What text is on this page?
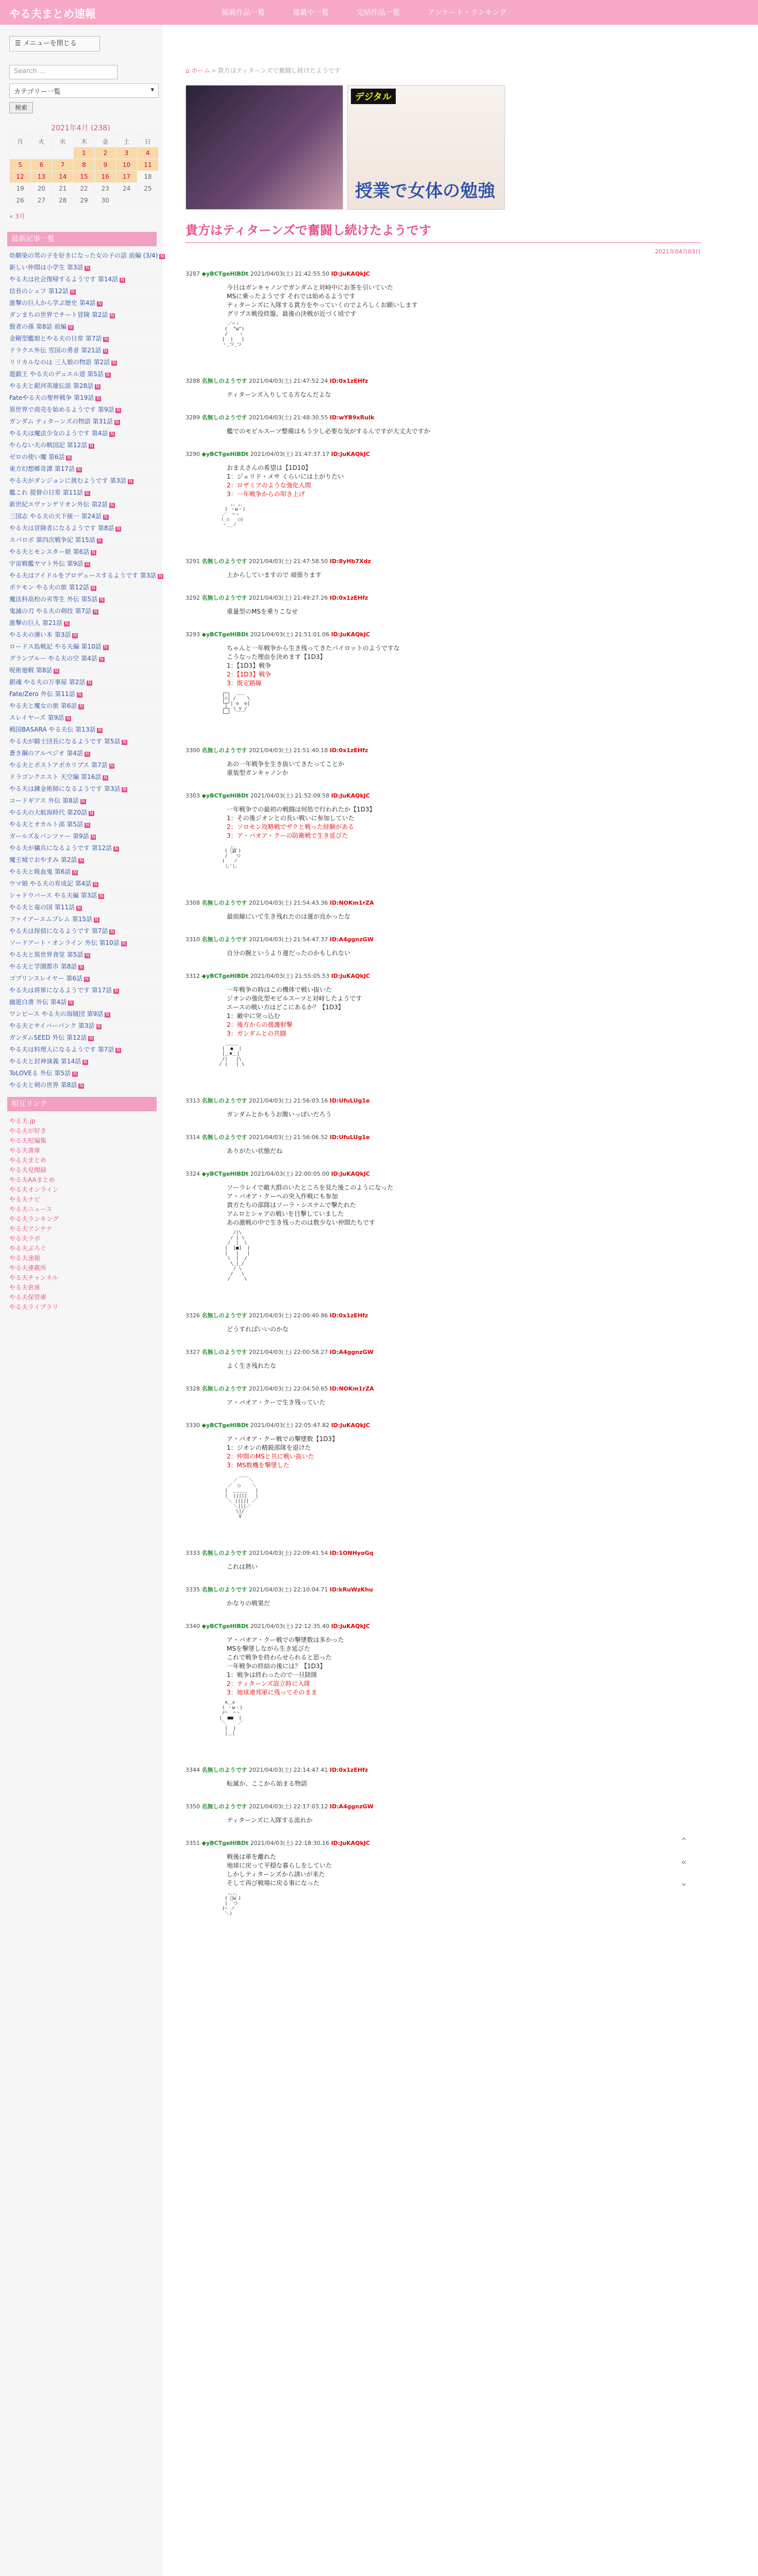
やる夫まとめ速報	掲載作品一覧	連載中一覧	完結作品一覧	アンケート・ランキング
☰ メニューを閉じる
Search …
カテゴリー一覧	▾
検索
2021年4月 (238)
月	火	水	木	金	土	日
			1	2	3	4
5	6	7	8	9	10	11
12	13	14	15	16	17	18
19	20	21	22	23	24	25
26	27	28	29	30		
« 3月
最新記事一覧
幼馴染の男の子を好きになった女の子の話 前編 (3/4) N
新しい仲間は小学生 第3話 N
やる夫は社会復帰するようです 第14話 N
信長のシェフ 第12話 N
進撃の巨人から学ぶ歴史 第4話 N
ダンまちの世界でチート冒険 第2話 N
賢者の孫 第8話 前編 N
金剛型艦娘とやる夫の日常 第7話 N
ドラクエ外伝 雪国の勇者 第21話 N
リリカルなのは 三人娘の物語 第2話 N
遊戯王 やる夫のデュエル道 第5話 N
やる夫と銀河英雄伝説 第28話 N
Fateやる夫の聖杯戦争 第19話 N
異世界で商売を始めるようです 第9話 N
ガンダム ティターンズの物語 第31話 N
やる夫は魔法少女のようです 第4話 N
やらない夫の戦国記 第12話 N
ゼロの使い魔 第6話 N
東方幻想郷奇譚 第17話 N
やる夫がダンジョンに挑むようです 第3話 N
艦これ 提督の日常 第11話 N
新世紀エヴァンゲリオン外伝 第2話 N
三国志 やる夫の天下統一 第24話 N
やる夫は冒険者になるようです 第8話 N
スパロボ 第四次戦争記 第15話 N
やる夫とモンスター娘 第6話 N
宇宙戦艦ヤマト外伝 第9話 N
やる夫はアイドルをプロデュースするようです 第3話 N
ポケモン やる夫の旅 第12話 N
魔法科高校の劣等生 外伝 第5話 N
鬼滅の刃 やる夫の剣技 第7話 N
進撃の巨人 第21話 N
やる夫の薄い本 第3話 N
ロードス島戦記 やる夫編 第10話 N
グランブルー やる夫の空 第4話 N
呪術廻戦 第8話 N
銀魂 やる夫の万事屋 第2話 N
Fate/Zero 外伝 第11話 N
やる夫と魔女の旅 第6話 N
スレイヤーズ 第9話 N
戦国BASARA やる夫伝 第13話 N
やる夫が騎士団長になるようです 第5話 N
蒼き鋼のアルペジオ 第4話 N
やる夫とポストアポカリプス 第7話 N
ドラゴンクエスト 天空編 第16話 N
やる夫は錬金術師になるようです 第3話 N
コードギアス 外伝 第8話 N
やる夫の大航海時代 第20話 N
やる夫とオカルト部 第5話 N
ガールズ＆パンツァー 第9話 N
やる夫が傭兵になるようです 第12話 N
魔王城でおやすみ 第2話 N
やる夫と吸血鬼 第6話 N
ウマ娘 やる夫の育成記 第4話 N
シャドウバース やる夫編 第3話 N
やる夫と竜の国 第11話 N
ファイアーエムブレム 第15話 N
やる夫は探偵になるようです 第7話 N
ソードアート・オンライン 外伝 第10話 N
やる夫と異世界食堂 第5話 N
やる夫と学園都市 第8話 N
ゴブリンスレイヤー 第6話 N
やる夫は将軍になるようです 第17話 N
幽遊白書 外伝 第4話 N
ワンピース やる夫の海賊団 第9話 N
やる夫とサイバーパンク 第3話 N
ガンダムSEED 外伝 第12話 N
やる夫は料理人になるようです 第7話 N
やる夫と封神演義 第14話 N
ToLOVEる 外伝 第5話 N
やる夫と剣の世界 第8話 N
相互リンク
やる夫.jp
やる夫が好き
やる夫短編集
やる夫書庫
やる夫まとめ
やる夫見聞録
やる夫AAまとめ
やる夫オンライン
やる夫ナビ
やる夫ニュース
やる夫ランキング
やる夫アンテナ
やる夫ラボ
やる夫ぶろぐ
やる夫速報
やる夫連載所
やる夫チャンネル
やる夫倉庫
やる夫保管庫
やる夫ライブラリ
⌂ ホーム » 貴方はティターンズで奮闘し続けたようです
デジタル
授業で女体の勉強
貴方はティターンズで奮闘し続けたようです
2021年04月03日
3287 ◆yBCTgeHlBDt 2021/04/03(土) 21:42:55.50 ID:JuKAQkJC
今日はガンキャノンでガンダムと対峙中にお茶を引いていた
MSに乗ったようです それでは始めるようです
ティターンズに入隊する貴方をやっていくのでよろしくお願いします
グリプス戦役終盤、最後の決戦が近づく頃です
／⌒ヽ
(  ^ω^)
/    ヽ
|  |   |
ヽ_つ_つ
3288 名無しのようです 2021/04/03(土) 21:47:52.24 ID:0x1zEHfz
ティターンズ入りしてる方なんだよな
3289 名無しのようです 2021/04/03(土) 21:48:30.55 ID:wYB9xRuIk
艦でのモビルスーツ整備はもう少し必要な気がするんですが大丈夫ですか
3290 ◆yBCTgeHlBDt 2021/04/03(土) 21:47:37.17 ID:JuKAQkJC
おまえさんの希望は【1D10】
1：ジェリド・メサ くらいには上がりたい
2：ロザミアのような強化人間
3：一年戦争からの叩き上げ
,、,、
( ・ω・)
／  ⌒ヽ
（ ○   ○)
ヽ__ノ
3291 名無しのようです 2021/04/03(土) 21:47:58.50 ID:8yHb7Xdz
上からしていますので 頑張ります
3292 名無しのようです 2021/04/03(土) 21:49:27.26 ID:0x1zEHfz
重量型のMSを乗りこなせ
3293 ◆yBCTgeHlBDt 2021/04/03(土) 21:51:01.06 ID:JuKAQkJC
ちゃんと一年戦争から生き残ってきたパイロットのようですな
こうなった理由を決めます【1D3】
1：【1D3】戦争
2：【1D3】戦争
3：既定路線
┌─┐  ＿＿
│○│ /    \
└┬┘| ◎  ◎|
┌┴┐ \ ▽ /
└─┘  ￣￣
3300 名無しのようです 2021/04/03(土) 21:51:40.18 ID:0x1zEHfz
あの一年戦争を生き抜いてきたってことか
重装型ガンキャノンか
3303 ◆yBCTgeHlBDt 2021/04/03(土) 21:52:09.58 ID:JuKAQkJC
一年戦争での最初の戦闘は何処で行われたか【1D3】
1：その後ジオンとの長い戦いに参加していた
2：ソロモン攻略戦でザクと戦った経験がある
3：ア・バオア・クーの防衛戦で生き延びた
,､
( ﾟДﾟ)
/   つ
(   ノ
し'し
3308 名無しのようです 2021/04/03(土) 21:54:43.36 ID:NOKm1rZA
最前線にいて生き残れたのは運が良かったな
3310 名無しのようです 2021/04/03(土) 21:54:47.37 ID:A4ggnzGW
自分の腕というより運だったのかもしれない
3312 ◆yBCTgeHlBDt 2021/04/03(土) 21:55:05.53 ID:JuKAQkJC
一年戦争の時はこの機体で戦い抜いた
ジオンの強化型モビルスーツと対峙したようです
エースの戦い方はどこにあるか？【1D3】
1：敵中に突っ込む
2：後方からの援護射撃
3：ガンダムとの共闘
＿＿＿
|  ●  |
|＿▼＿|
/|   |\
/ |   | \
3313 名無しのようです 2021/04/03(土) 21:56:03.16 ID:UfuLUg1e
ガンダムとかもうお腹いっぱいだろう
3314 名無しのようです 2021/04/03(土) 21:56:06.52 ID:UfuLUg1e
ありがたい状態だね
3324 ◆yBCTgeHlBDt 2021/04/03(土) 22:00:05.00 ID:JuKAQkJC
ソーラレイで敵大群のいたところを見た後このようになった
ア・バオア・クーへの突入作戦にも参加
貴方たちの部隊はソーラ・システムで撃たれた
アムロとシャアの戦いを目撃していました
あの激戦の中で生き残ったのは数少ない仲間たちです
/|\
/ | \
/  |  \
|  [■]  |
|   |   |
\  |  /
\_|_/
/ \
/   \
/     \
3326 名無しのようです 2021/04/03(土) 22:00:40.86 ID:0x1zEHfz
どうすればいいのかな
3327 名無しのようです 2021/04/03(土) 22:00:58.27 ID:A4ggnzGW
よく生き残れたな
3328 名無しのようです 2021/04/03(土) 22:04:50.65 ID:NOKm1rZA
ア・バオア・クーで生き残っていた
3330 ◆yBCTgeHlBDt 2021/04/03(土) 22:05:47.82 ID:JuKAQkJC
ア・バオア・クー戦での撃墜数【1D3】
1：ジオンの精鋭部隊を退けた
2：仲間のMSと共に戦い抜いた
3：MS数機を撃墜した
＿＿
／    ＼
／  ○    ＼
|  ＿＿＿   |
|  |||||   |
＼ ||||| ／
＼|||／
\|/
V
3333 名無しのようです 2021/04/03(土) 22:09:41.54 ID:1ONHyoGq
これは熱い
3335 名無しのようです 2021/04/03(土) 22:10:04.71 ID:kRuWzKhu
かなりの戦果だ
3340 ◆yBCTgeHlBDt 2021/04/03(土) 22:12:35.40 ID:JuKAQkJC
ア・バオア・クー戦での撃墜数は多かった
MSを撃墜しながら生き延びた
これで戦争を終わらせられると思った
一年戦争の終結の後には？【1D3】
1：戦争は終わったので一旦除隊
2：ティターンズ設立時に入隊
3：地球連邦軍に残ってそのまま
∧＿∧
( ・ω・)
/⌒  ⌒ヽ
|  ■■  |
＼    ／
|  |
|＿|
3344 名無しのようです 2021/04/03(土) 22:14:47.41 ID:0x1zEHfz
転属か、ここから始まる物語
3350 名無しのようです 2021/04/03(土) 22:17:03.12 ID:A4ggnzGW
ティターンズに入隊する流れか
3351 ◆yBCTgeHlBDt 2021/04/03(土) 22:18:30.16 ID:JuKAQkJC
戦後は軍を離れた
地球に戻って平穏な暮らしをしていた
しかしティターンズから誘いが来た
そして再び戦場に戻る事になった
,､,､
( ﾟωﾟ)
|  つ
(⌒ ノ
＼)
⌃
«
⌄
